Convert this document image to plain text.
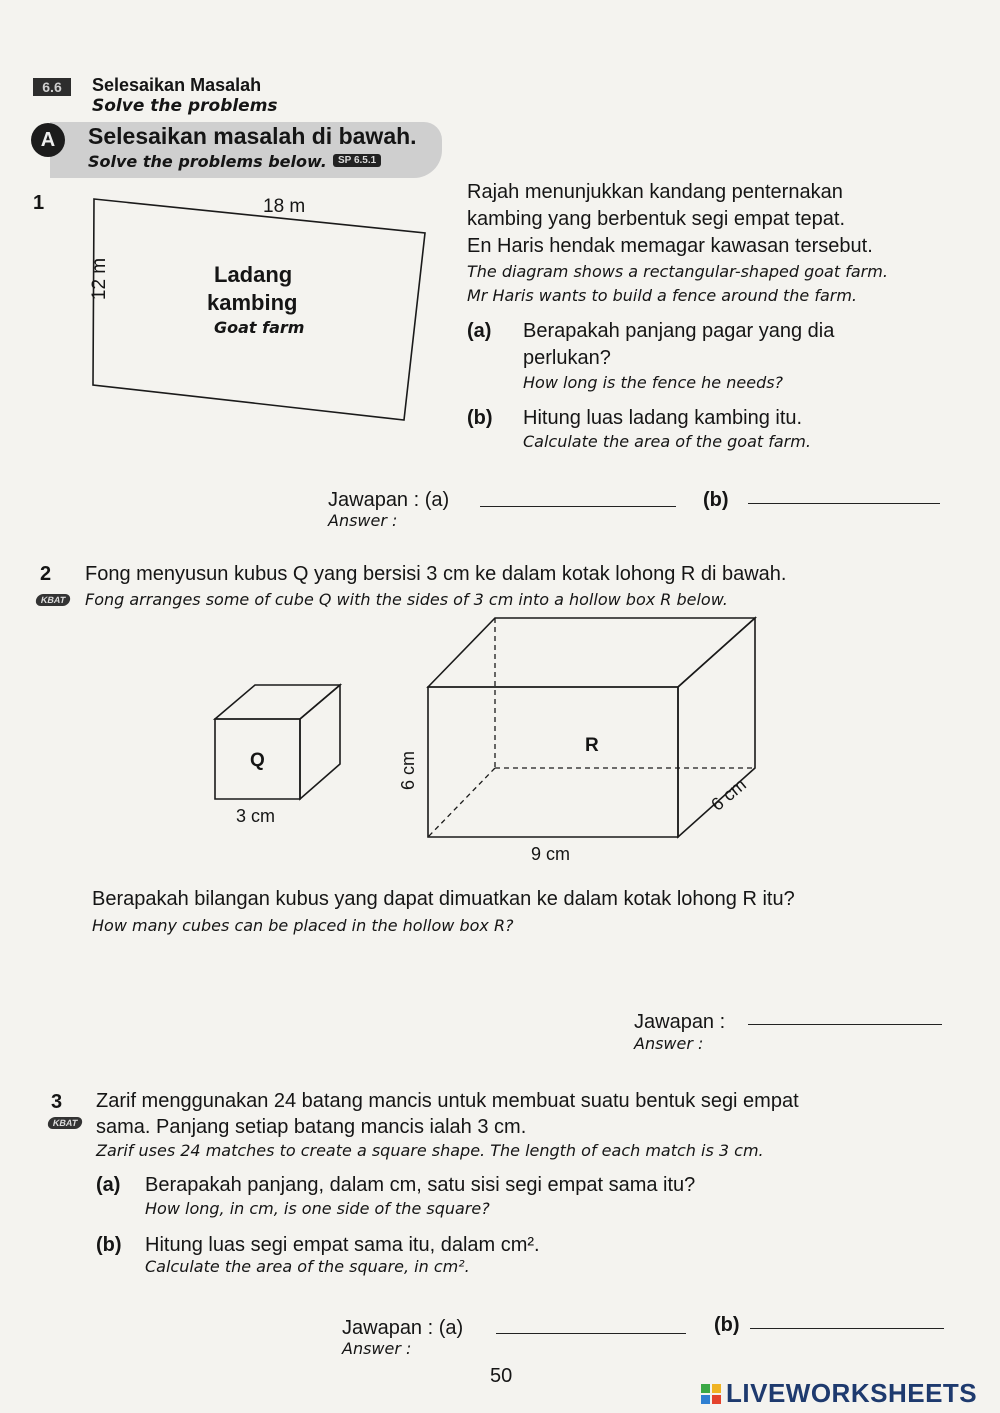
6.6	Selesaikan Masalah
Solve the problems
A	Selesaikan masalah di bawah.
Solve the problems below.	SP 6.5.1
1	18 m
12 m	Ladang
kambing
Goat farm
Rajah menunjukkan kandang penternakan
kambing yang berbentuk segi empat tepat.
En Haris hendak memagar kawasan tersebut.
The diagram shows a rectangular-shaped goat farm.
Mr Haris wants to build a fence around the farm.
(a) Berapakah panjang pagar yang dia
perlukan?
How long is the fence he needs?
(b) Hitung luas ladang kambing itu.
Calculate the area of the goat farm.
Jawapan : (a)
Answer :
(b)
2
KBAT
Fong menyusun kubus Q yang bersisi 3 cm ke dalam kotak lohong R di bawah.
Fong arranges some of cube Q with the sides of 3 cm into a hollow box R below.
Q
3 cm
R
6 cm
9 cm
6 cm
Berapakah bilangan kubus yang dapat dimuatkan ke dalam kotak lohong R itu?
How many cubes can be placed in the hollow box R?
Jawapan :
Answer :
3
KBAT
Zarif menggunakan 24 batang mancis untuk membuat suatu bentuk segi empat
sama. Panjang setiap batang mancis ialah 3 cm.
Zarif uses 24 matches to create a square shape. The length of each match is 3 cm.
(a) Berapakah panjang, dalam cm, satu sisi segi empat sama itu?
How long, in cm, is one side of the square?
(b) Hitung luas segi empat sama itu, dalam cm².
Calculate the area of the square, in cm².
Jawapan : (a)
Answer :
(b)
50
LIVEWORKSHEETS
